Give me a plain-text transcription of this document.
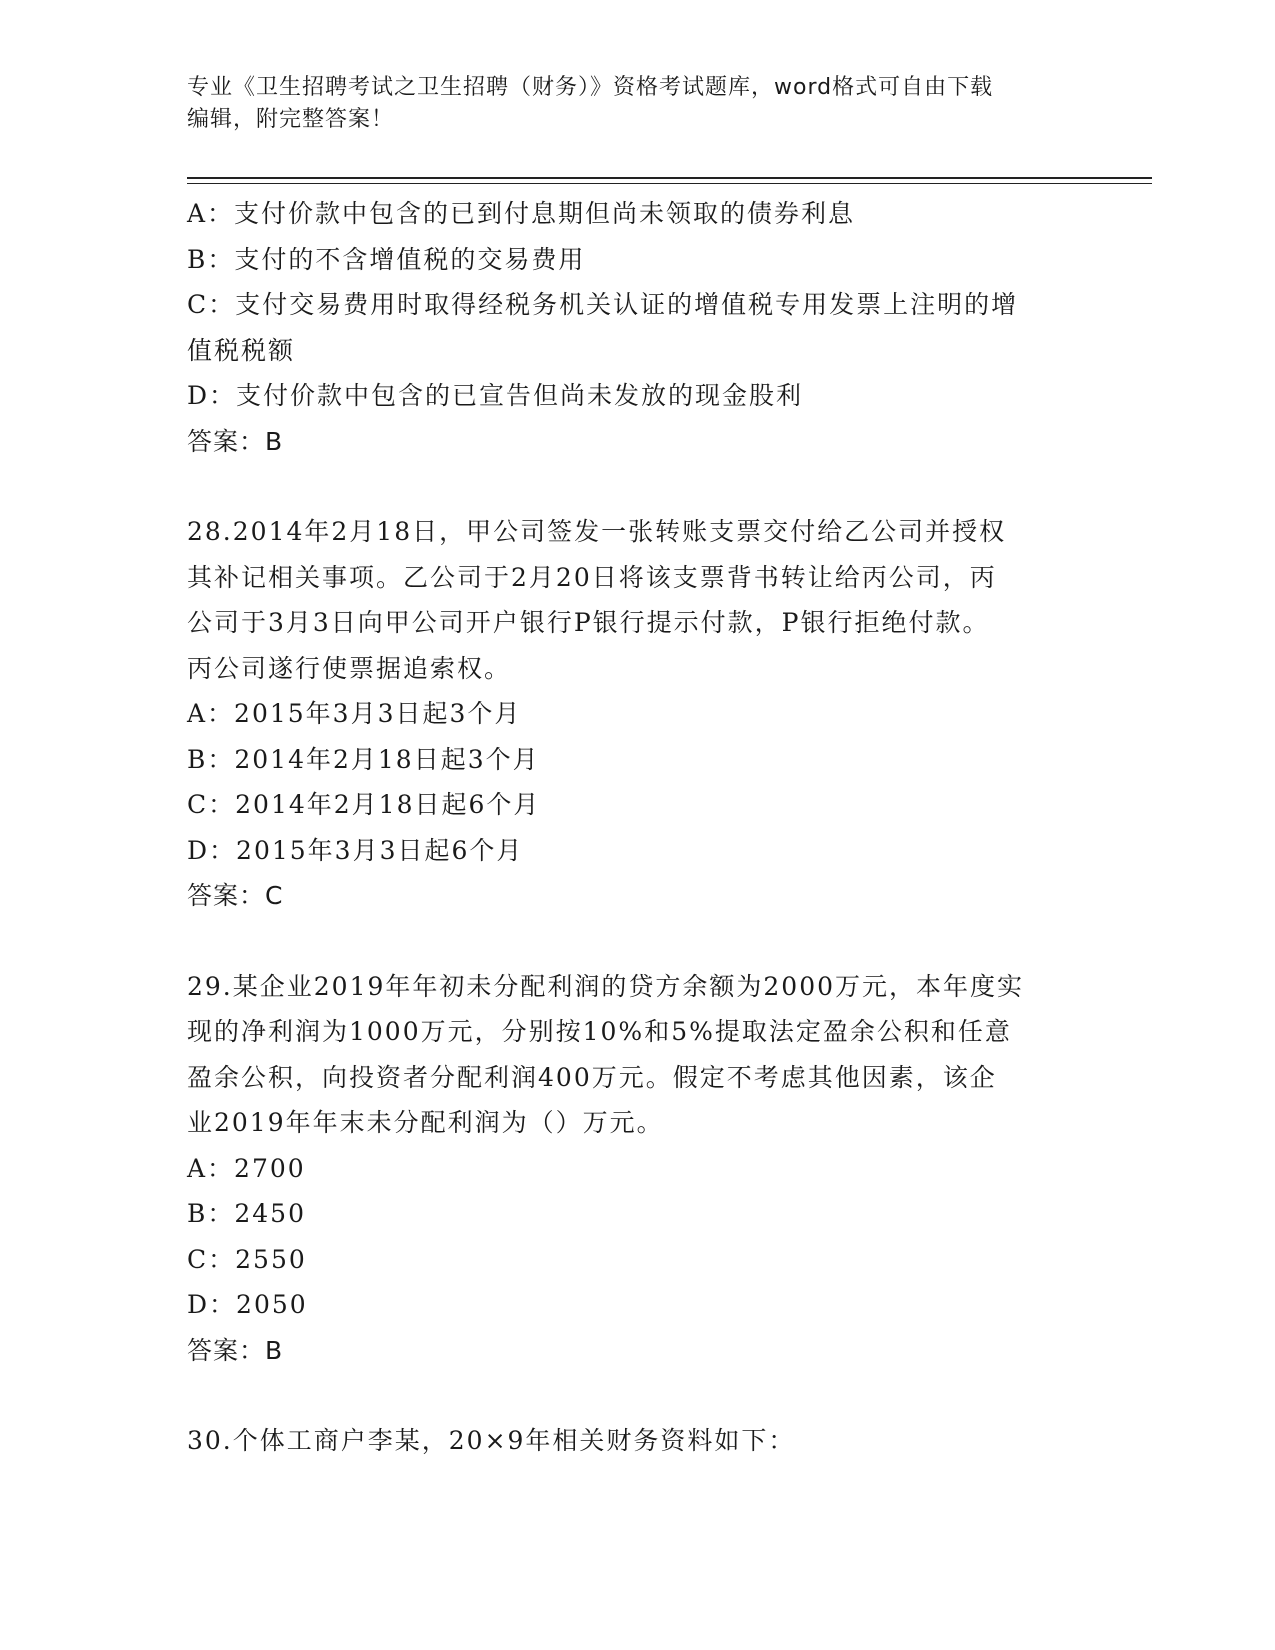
专业《卫生招聘考试之卫生招聘（财务）》资格考试题库，word格式可自由下载
编辑，附完整答案！
A：支付价款中包含的已到付息期但尚未领取的债券利息
B：支付的不含增值税的交易费用
C：支付交易费用时取得经税务机关认证的增值税专用发票上注明的增
值税税额
D：支付价款中包含的已宣告但尚未发放的现金股利
答案：B
28.2014年2月18日，甲公司签发一张转账支票交付给乙公司并授权
其补记相关事项。乙公司于2月20日将该支票背书转让给丙公司，丙
公司于3月3日向甲公司开户银行P银行提示付款，P银行拒绝付款。
丙公司遂行使票据追索权。
A：2015年3月3日起3个月
B：2014年2月18日起3个月
C：2014年2月18日起6个月
D：2015年3月3日起6个月
答案：C
29.某企业2019年年初未分配利润的贷方余额为2000万元，本年度实
现的净利润为1000万元，分别按10%和5%提取法定盈余公积和任意
盈余公积，向投资者分配利润400万元。假定不考虑其他因素，该企
业2019年年末未分配利润为（）万元。
A：2700
B：2450
C：2550
D：2050
答案：B
30.个体工商户李某，20×9年相关财务资料如下：
